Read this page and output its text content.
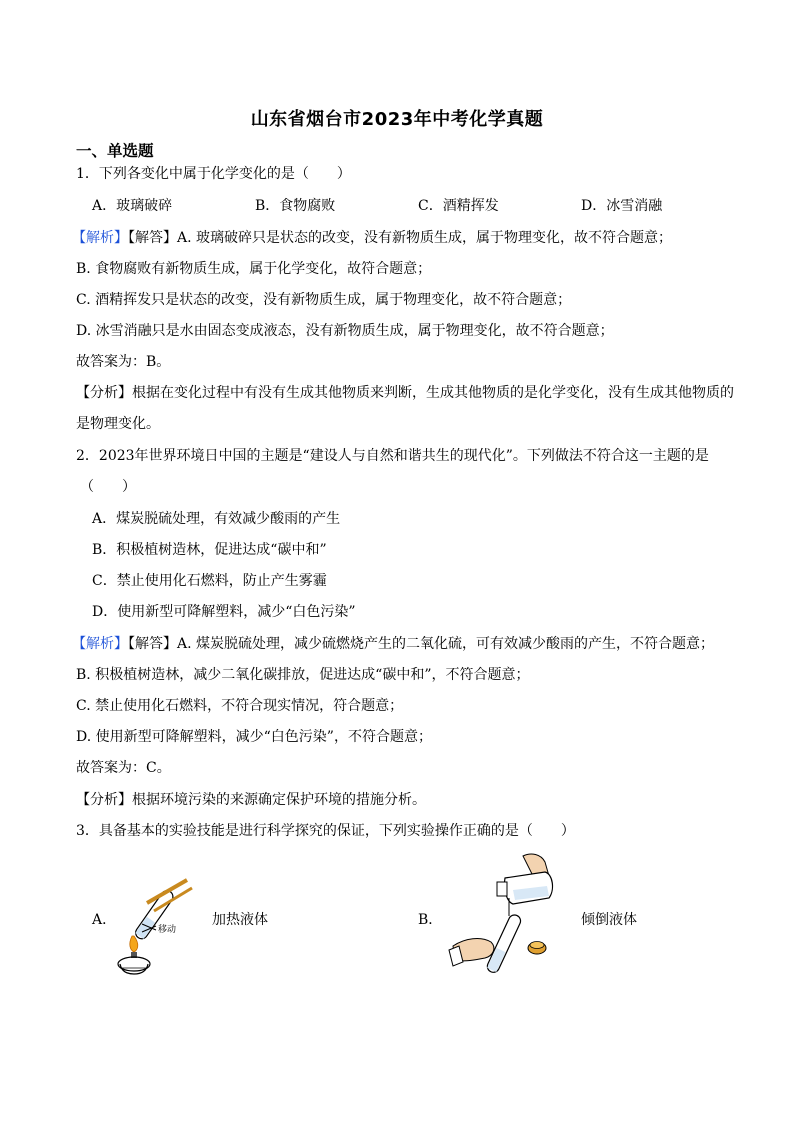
山东省烟台市2023年中考化学真题
一、单选题
1．下列各变化中属于化学变化的是（　　）
A．玻璃破碎	B．食物腐败	C．酒精挥发	D．冰雪消融
【解析】【解答】A. 玻璃破碎只是状态的改变，没有新物质生成，属于物理变化，故不符合题意；
B. 食物腐败有新物质生成，属于化学变化，故符合题意；
C. 酒精挥发只是状态的改变，没有新物质生成，属于物理变化，故不符合题意；
D. 冰雪消融只是水由固态变成液态，没有新物质生成，属于物理变化，故不符合题意；
故答案为：B。
【分析】根据在变化过程中有没有生成其他物质来判断，生成其他物质的是化学变化，没有生成其他物质的是物理变化。
2．2023年世界环境日中国的主题是“建设人与自然和谐共生的现代化”。下列做法不符合这一主题的是
（　　）
A．煤炭脱硫处理，有效减少酸雨的产生
B．积极植树造林，促进达成“碳中和”
C．禁止使用化石燃料，防止产生雾霾
D．使用新型可降解塑料，减少“白色污染”
【解析】【解答】A. 煤炭脱硫处理，减少硫燃烧产生的二氧化硫，可有效减少酸雨的产生，不符合题意；
B. 积极植树造林，减少二氧化碳排放，促进达成“碳中和”，不符合题意；
C. 禁止使用化石燃料，不符合现实情况，符合题意；
D. 使用新型可降解塑料，减少“白色污染”，不符合题意；
故答案为：C。
【分析】根据环境污染的来源确定保护环境的措施分析。
3．具备基本的实验技能是进行科学探究的保证，下列实验操作正确的是（　　）
A．
移动
加热液体	B．	倾倒液体
